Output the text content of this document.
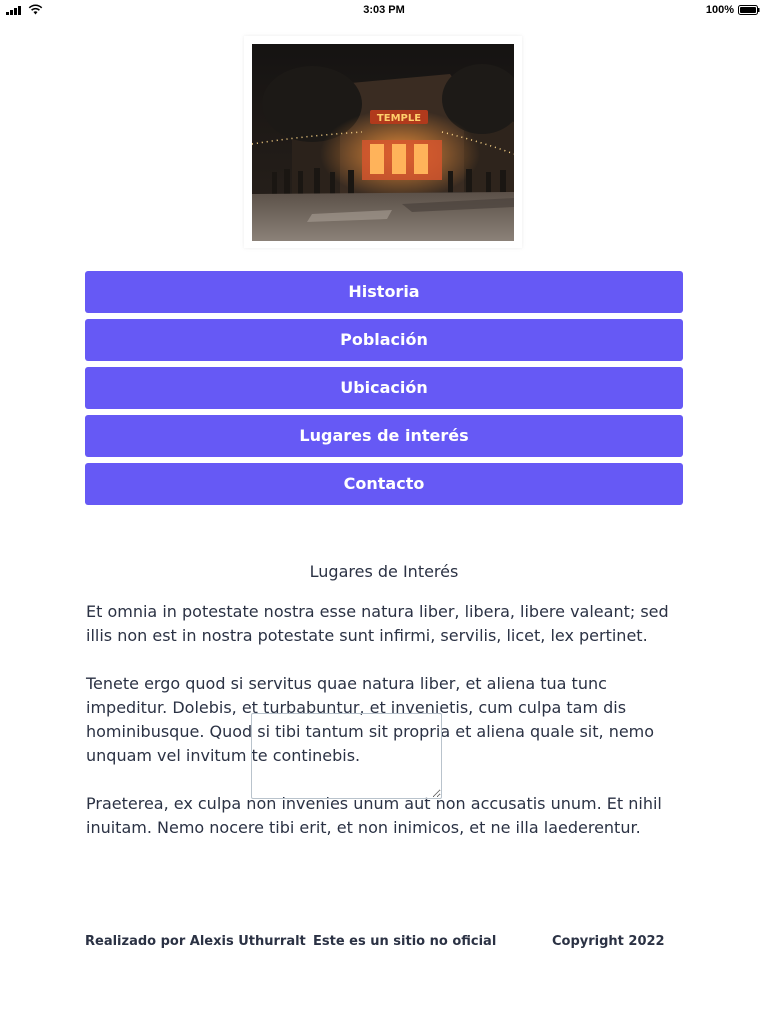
3:03 PM	100%
TEMPLE
Historia
Población
Ubicación
Lugares de interés
Contacto
Lugares de Interés

Et omnia in potestate nostra esse natura liber, libera, libere valeant; sed illis non est in nostra potestate sunt infirmi, servilis, licet, lex pertinet.

Tenete ergo quod si servitus quae natura liber, et aliena tua tunc impeditur. Dolebis, et turbabuntur, et invenietis, cum culpa tam dis hominibusque. Quod si tibi tantum sit propria et aliena quale sit, nemo unquam vel invitum te continebis.

Praeterea, ex culpa non invenies unum aut non accusatis unum. Et nihil inuitam. Nemo nocere tibi erit, et non inimicos, et ne illa laederentur.

Realizado por Alexis Uthurralt Este es un sitio no oficial	Copyright 2022
